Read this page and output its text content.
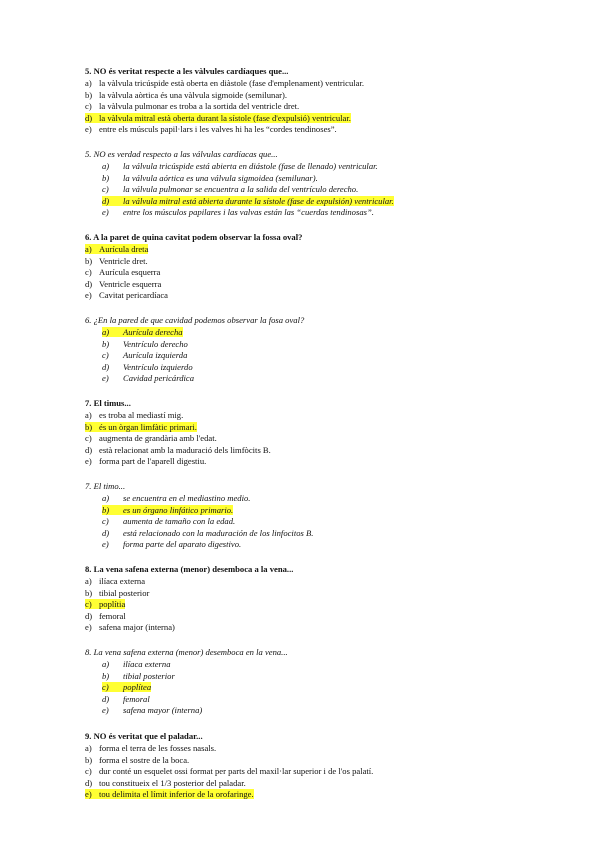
5. NO és veritat respecte a les vàlvules cardíaques que...
a) la vàlvula tricúspide està oberta en diàstole (fase d'emplenament) ventricular.
b) la vàlvula aòrtica és una vàlvula sigmoide (semilunar).
c) la vàlvula pulmonar es troba a la sortida del ventricle dret.
d) la vàlvula mitral està oberta durant la sístole (fase d'expulsió) ventricular.
e) entre els músculs papil·lars i les valves hi ha les “cordes tendinoses”.
5. NO es verdad respecto a las válvulas cardíacas que...
a) la válvula tricúspide está abierta en diástole (fase de llenado) ventricular.
b) la válvula aórtica es una válvula sigmoidea (semilunar).
c) la válvula pulmonar se encuentra a la salida del ventrículo derecho.
d) la válvula mitral está abierta durante la sístole (fase de expulsión) ventricular.
e) entre los músculos papilares i las valvas están las “cuerdas tendinosas”.
6. A la paret de quina cavitat podem observar la fossa oval?
a) Aurícula dreta
b) Ventricle dret.
c) Aurícula esquerra
d) Ventricle esquerra
e) Cavitat pericardíaca
6. ¿En la pared de que cavidad podemos observar la fosa oval?
a) Aurícula derecha
b) Ventrículo derecho
c) Aurícula izquierda
d) Ventrículo izquierdo
e) Cavidad pericárdica
7. El timus...
a) es troba al mediastí mig.
b) és un òrgan limfàtic primari.
c) augmenta de grandària amb l'edat.
d) està relacionat amb la maduració dels limfòcits B.
e) forma part de l'aparell digestiu.
7. El timo...
a) se encuentra en el mediastino medio.
b) es un órgano linfático primario.
c) aumenta de tamaño con la edad.
d) está relacionado con la maduración de los linfocitos B.
e) forma parte del aparato digestivo.
8. La vena safena externa (menor) desemboca a la vena...
a) ilíaca externa
b) tibial posterior
c) poplítia
d) femoral
e) safena major (interna)
8. La vena safena externa (menor) desemboca en la vena...
a) ilíaca externa
b) tibial posterior
c) poplítea
d) femoral
e) safena mayor (interna)
9. NO és veritat que el paladar...
a) forma el terra de les fosses nasals.
b) forma el sostre de la boca.
c) dur conté un esquelet ossi format per parts del maxil·lar superior i de l'os palatí.
d) tou constitueix el 1/3 posterior del paladar.
e) tou delimita el límit inferior de la orofaringe.
